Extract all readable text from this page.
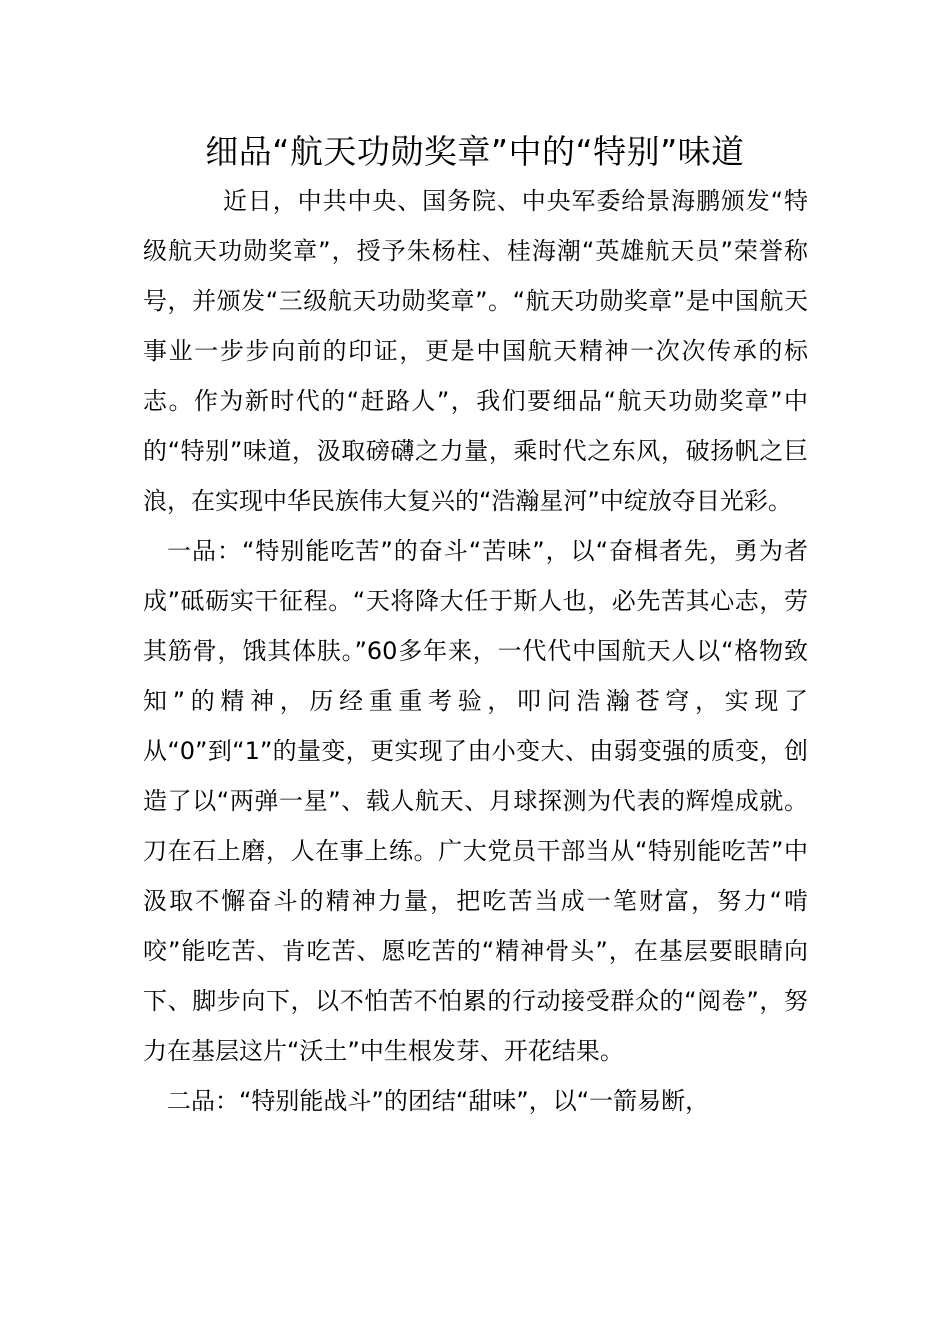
细品“航天功勋奖章”中的“特别”味道

近日，中共中央、国务院、中央军委给景海鹏颁发“特级航天功勋奖章”，授予朱杨柱、桂海潮“英雄航天员”荣誉称号，并颁发“三级航天功勋奖章”。“航天功勋奖章”是中国航天事业一步步向前的印证，更是中国航天精神一次次传承的标志。作为新时代的“赶路人”，我们要细品“航天功勋奖章”中的“特别”味道，汲取磅礴之力量，乘时代之东风，破扬帆之巨浪，在实现中华民族伟大复兴的“浩瀚星河”中绽放夺目光彩。

一品：“特别能吃苦”的奋斗“苦味”，以“奋楫者先，勇为者成”砥砺实干征程。“天将降大任于斯人也，必先苦其心志，劳其筋骨，饿其体肤。”60多年来，一代代中国航天人以“格物致知”的精神，历经重重考验，叩问浩瀚苍穹，实现了从“0”到“1”的量变，更实现了由小变大、由弱变强的质变，创造了以“两弹一星”、载人航天、月球探测为代表的辉煌成就。刀在石上磨，人在事上练。广大党员干部当从“特别能吃苦”中汲取不懈奋斗的精神力量，把吃苦当成一笔财富，努力“啃咬”能吃苦、肯吃苦、愿吃苦的“精神骨头”，在基层要眼睛向下、脚步向下，以不怕苦不怕累的行动接受群众的“阅卷”，努力在基层这片“沃土”中生根发芽、开花结果。

二品：“特别能战斗”的团结“甜味”，以“一箭易断，
